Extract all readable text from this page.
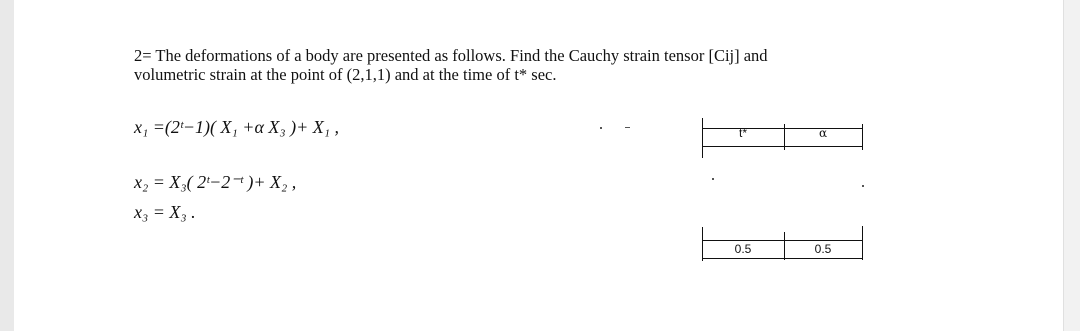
2= The deformations of a body are presented as follows. Find the Cauchy strain tensor [Cij] and
volumetric strain at the point of (2,1,1) and at the time of t* sec.
x₁ =(2ᵗ−1)( X₁ +α X₃ )+ X₁ ,
x₂ = X₃( 2ᵗ−2⁻ᵗ )+ X₂ ,
x₃ = X₃ .
t*	α
0.5	0.5
